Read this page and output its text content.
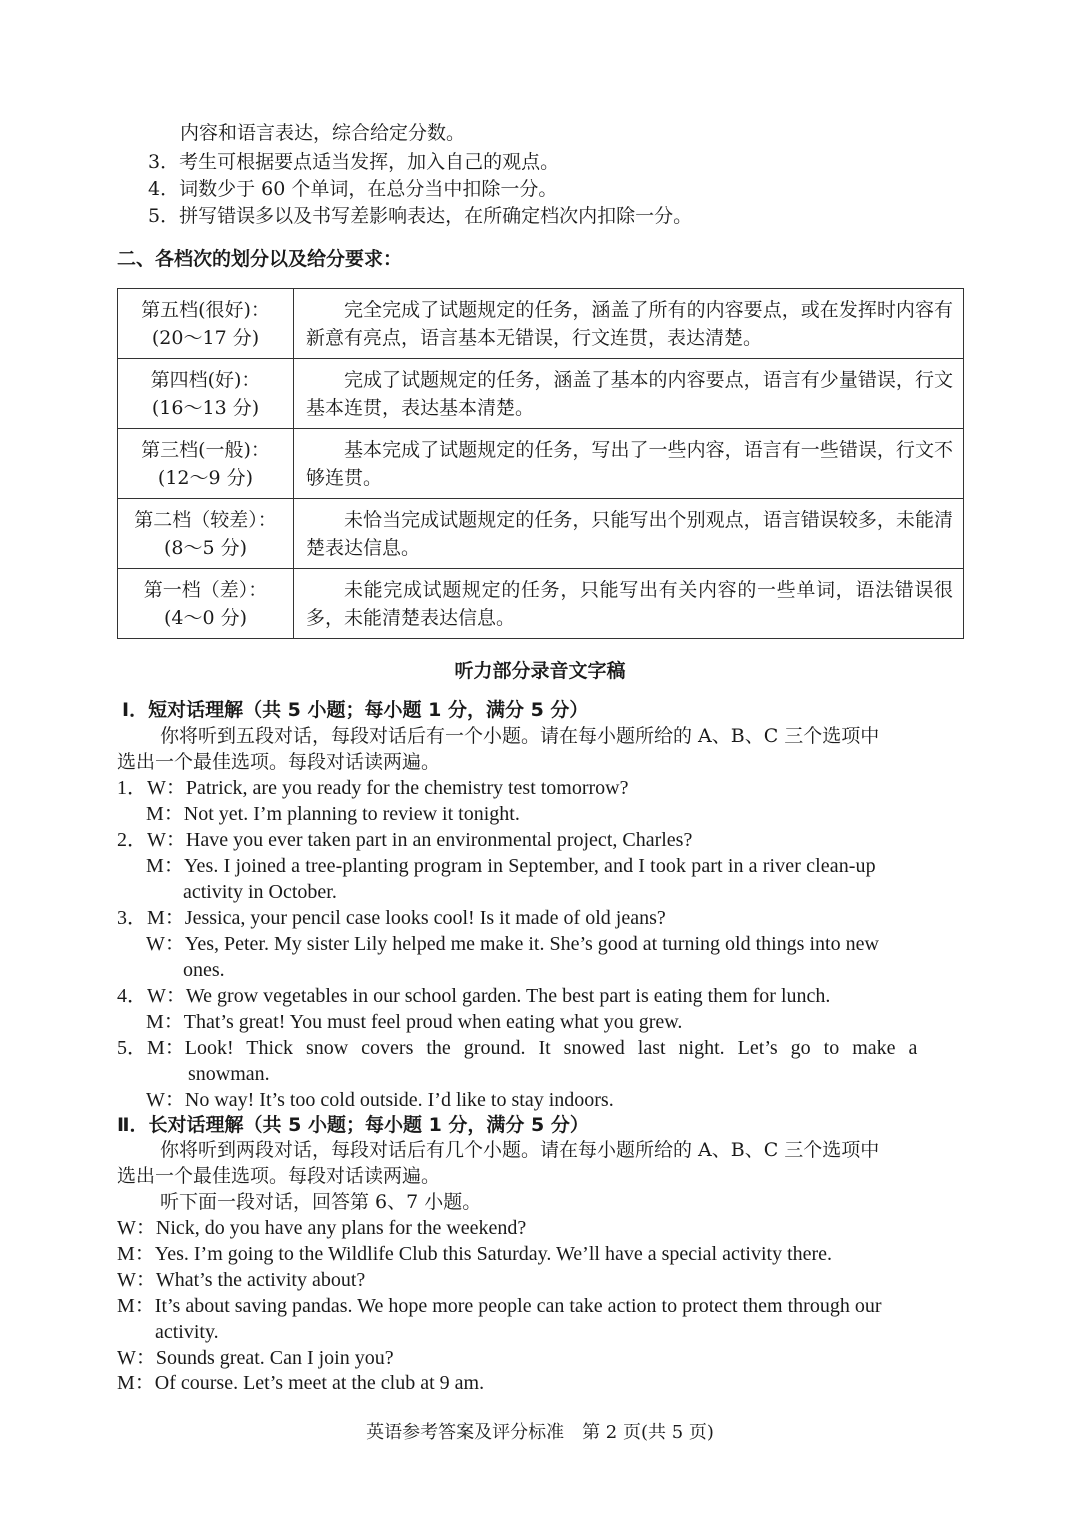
内容和语言表达，综合给定分数。
3．考生可根据要点适当发挥，加入自己的观点。
4．词数少于 60 个单词，在总分当中扣除一分。
5．拼写错误多以及书写差影响表达，在所确定档次内扣除一分。
二、各档次的划分以及给分要求：
第五档(很好)：
(20～17 分)	完全完成了试题规定的任务，涵盖了所有的内容要点，或在发挥时内容有新意有亮点，语言基本无错误，行文连贯，表达清楚。

第四档(好)：
(16～13 分)	完成了试题规定的任务，涵盖了基本的内容要点，语言有少量错误，行文基本连贯，表达基本清楚。

第三档(一般)：
(12～9 分)	基本完成了试题规定的任务，写出了一些内容，语言有一些错误，行文不够连贯。

第二档（较差）：
(8～5 分)	未恰当完成试题规定的任务，只能写出个别观点，语言错误较多，未能清楚表达信息。

第一档（差）：
(4～0 分)	未能完成试题规定的任务，只能写出有关内容的一些单词，语法错误很多，未能清楚表达信息。
听力部分录音文字稿
Ⅰ．短对话理解（共 5 小题；每小题 1 分，满分 5 分）
你将听到五段对话，每段对话后有一个小题。请在每小题所给的 A、B、C 三个选项中
选出一个最佳选项。每段对话读两遍。
1．W：Patrick, are you ready for the chemistry test tomorrow?
M：Not yet. I’m planning to review it tonight.
2．W：Have you ever taken part in an environmental project, Charles?
M：Yes. I joined a tree-planting program in September, and I took part in a river clean-up
activity in October.
3．M：Jessica, your pencil case looks cool! Is it made of old jeans?
W：Yes, Peter. My sister Lily helped me make it. She’s good at turning old things into new
ones.
4．W：We grow vegetables in our school garden. The best part is eating them for lunch.
M：That’s great! You must feel proud when eating what you grew.
5．M：Look! Thick snow covers the ground. It snowed last night. Let’s go to make a
snowman.
W：No way! It’s too cold outside. I’d like to stay indoors.
Ⅱ．长对话理解（共 5 小题；每小题 1 分，满分 5 分）
你将听到两段对话，每段对话后有几个小题。请在每小题所给的 A、B、C 三个选项中
选出一个最佳选项。每段对话读两遍。
听下面一段对话，回答第 6、7 小题。
W：Nick, do you have any plans for the weekend?
M：Yes. I’m going to the Wildlife Club this Saturday. We’ll have a special activity there.
W：What’s the activity about?
M：It’s about saving pandas. We hope more people can take action to protect them through our
activity.
W：Sounds great. Can I join you?
M：Of course. Let’s meet at the club at 9 am.
英语参考答案及评分标准　第 2 页(共 5 页)
